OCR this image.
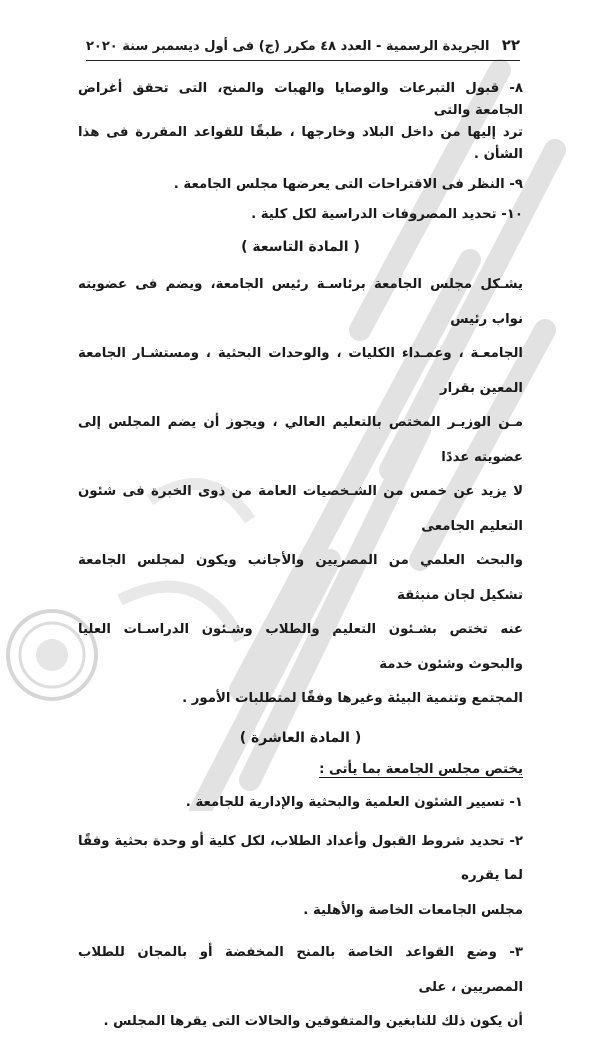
٢٢
الجريدة الرسمية - العدد ٤٨ مكرر (ج) فى أول ديسمبر سنة ٢٠٢٠

٨- قبول التبرعات والوصايا والهبات والمنح، التى تحقق أغراض الجامعة والتى
ترد إليها من داخل البلاد وخارجها ، طبقًا للقواعد المقررة فى هذا الشأن .

٩- النظر فى الاقتراحات التى يعرضها مجلس الجامعة .

١٠- تحديد المصروفات الدراسية لكل كلية .

( المادة التاسعة )

يشـكل مجلس الجامعة برئاسـة رئيس الجامعة، ويضم فى عضويته نواب رئيس
الجامعـة ، وعمـداء الكليات ، والوحدات البحثية ، ومستشـار الجامعة المعين بقرار
مـن الوزيـر المختص بالتعليم العالي ، ويجوز أن يضم المجلس إلى عضويته عددًا
لا يزيد عن خمس من الشـخصيات العامة من ذوى الخبرة فى شئون التعليم الجامعى
والبحث العلمي من المصريين والأجانب ويكون لمجلس الجامعة تشكيل لجان منبثقة
عنه تختص بشـئون التعليم والطلاب وشـئون الدراسـات العليا والبحوث وشئون خدمة
المجتمع وتنمية البيئة وغيرها وفقًا لمتطلبات الأمور .

( المادة العاشرة )

يختص مجلس الجامعة بما يأتى :

١- تسيير الشئون العلمية والبحثية والإدارية للجامعة .

٢- تحديد شروط القبول وأعداد الطلاب، لكل كلية أو وحدة بحثية وفقًا لما يقرره
مجلس الجامعات الخاصة والأهلية .

٣- وضع القواعد الخاصة بالمنح المخفضة أو بالمجان للطلاب المصريين ، على
أن يكون ذلك للنابغين والمتفوقين والحالات التى يقرها المجلس .
